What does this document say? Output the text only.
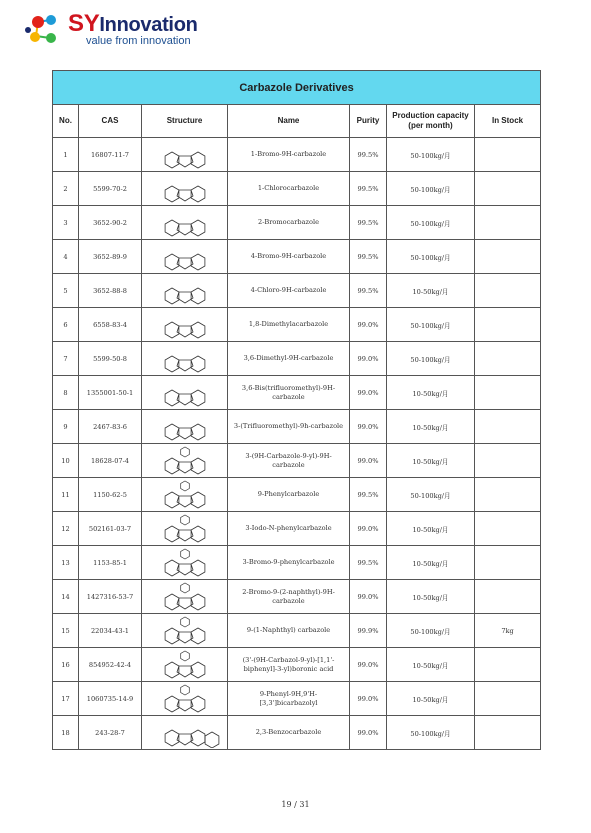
SYInnovation
value from innovation
Carbazole Derivatives						
No.	CAS	Structure	Name	Purity	Production capacity (per month)	In Stock
1	16807-11-7		1-Bromo-9H-carbazole	99.5%	50-100kg/月	
2	5599-70-2		1-Chlorocarbazole	99.5%	50-100kg/月	
3	3652-90-2		2-Bromocarbazole	99.5%	50-100kg/月	
4	3652-89-9		4-Bromo-9H-carbazole	99.5%	50-100kg/月	
5	3652-88-8		4-Chloro-9H-carbazole	99.5%	10-50kg/月	
6	6558-83-4		1,8-Dimethylacarbazole	99.0%	50-100kg/月	
7	5599-50-8		3,6-Dimethyl-9H-carbazole	99.0%	50-100kg/月	
8	1355001-50-1		3,6-Bis(trifluoromethyl)-9H-carbazole	99.0%	10-50kg/月	
9	2467-83-6		3-(Trifluoromethyl)-9h-carbazole	99.0%	10-50kg/月	
10	18628-07-4		3-(9H-Carbazole-9-yl)-9H-carbazole	99.0%	10-50kg/月	
11	1150-62-5		9-Phenylcarbazole	99.5%	50-100kg/月	
12	502161-03-7		3-Iodo-N-phenylcarbazole	99.0%	10-50kg/月	
13	1153-85-1		3-Bromo-9-phenylcarbazole	99.5%	10-50kg/月	
14	1427316-53-7		2-Bromo-9-(2-naphthyl)-9H-carbazole	99.0%	10-50kg/月	
15	22034-43-1		9-(1-Naphthyl) carbazole	99.9%	50-100kg/月	7kg
16	854952-42-4		(3'-(9H-Carbazol-9-yl)-[1,1'-biphenyl]-3-yl)boronic acid	99.0%	10-50kg/月	
17	1060735-14-9		9-Phenyl-9H,9'H-[3,3']bicarbazolyl	99.0%	10-50kg/月	
18	243-28-7		2,3-Benzocarbazole	99.0%	50-100kg/月	
19 / 31
